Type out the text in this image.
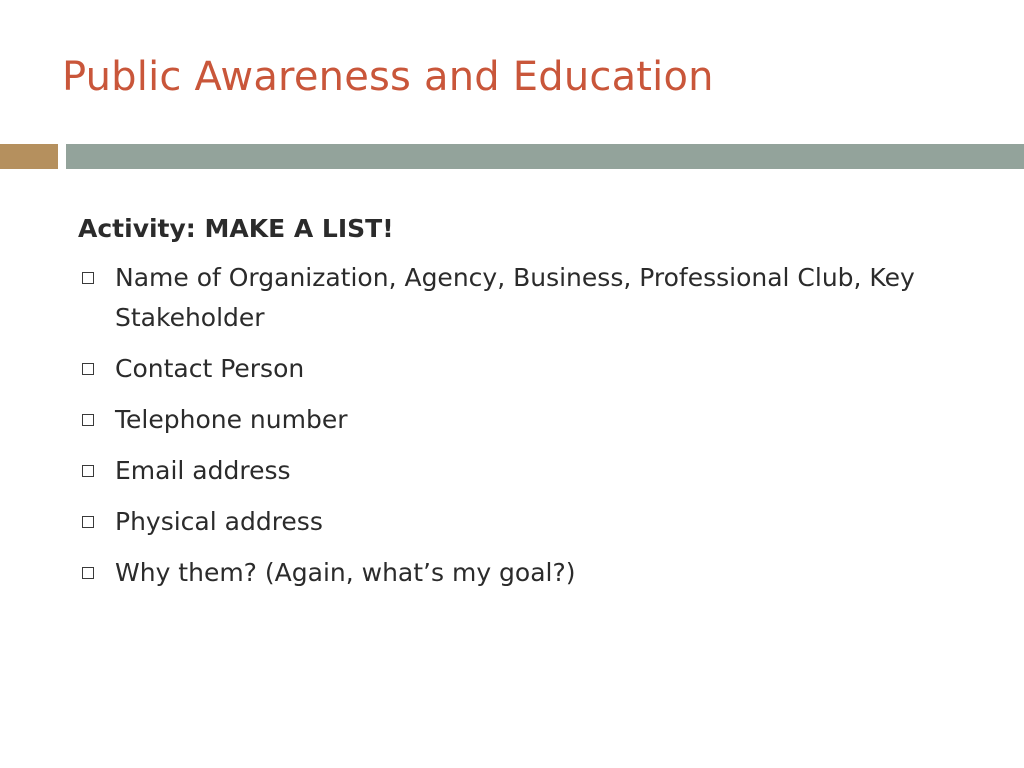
Public Awareness and Education
Activity: MAKE A LIST!
Name of Organization, Agency, Business, Professional Club, Key Stakeholder
Contact Person
Telephone number
Email address
Physical address
Why them? (Again, what’s my goal?)
